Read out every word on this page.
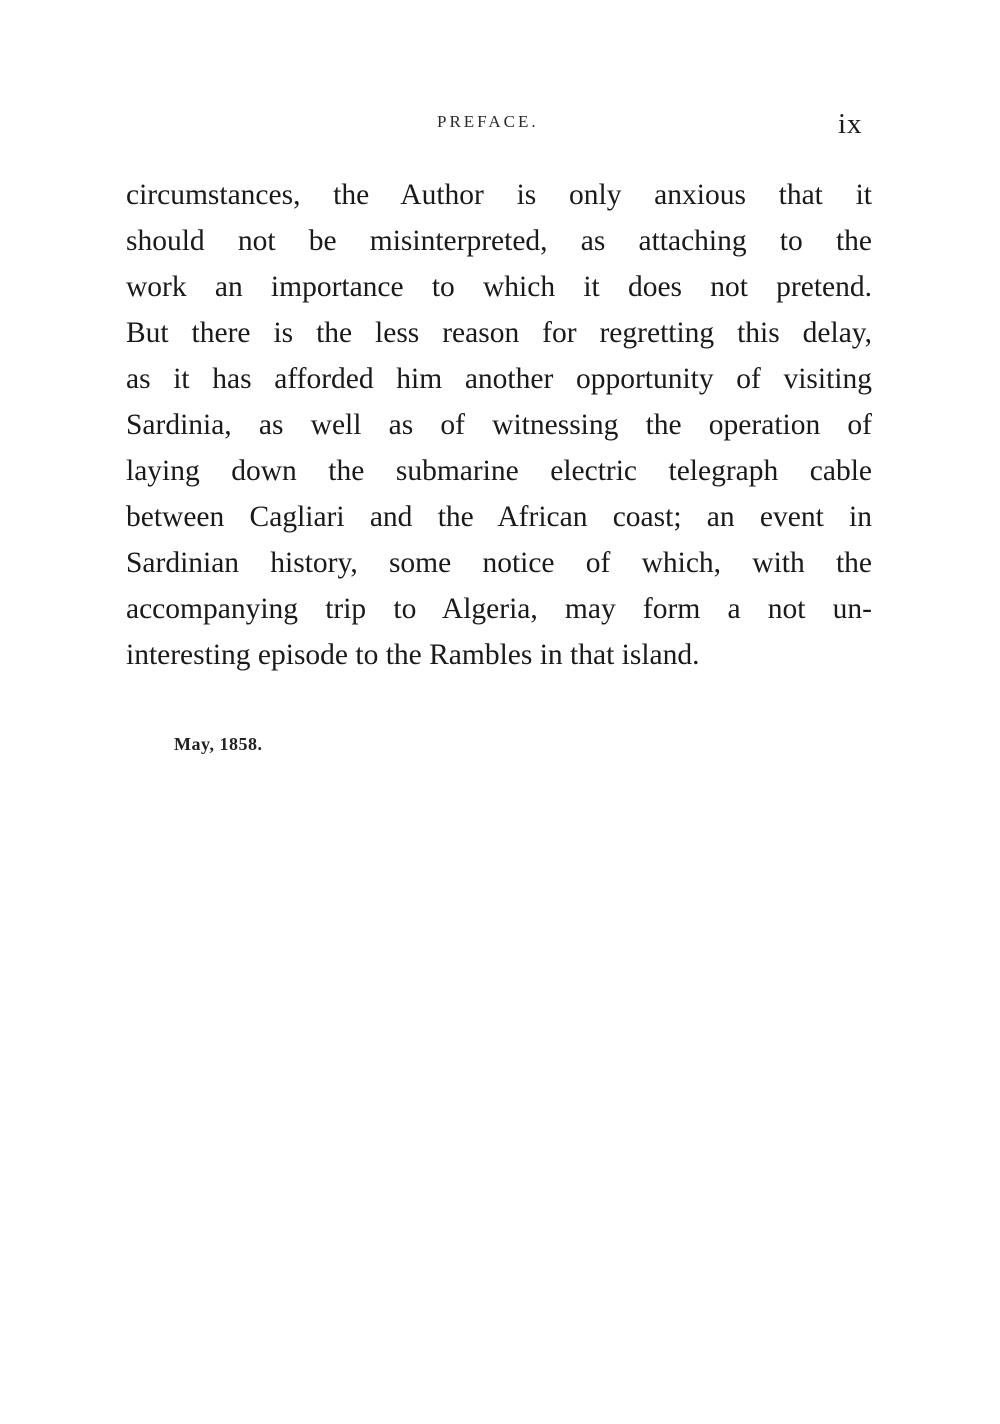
PREFACE.	ix
circumstances, the Author is only anxious that it
should not be misinterpreted, as attaching to the
work an importance to which it does not pretend.
But there is the less reason for regretting this delay,
as it has afforded him another opportunity of visiting
Sardinia, as well as of witnessing the operation of
laying down the submarine electric telegraph cable
between Cagliari and the African coast; an event in
Sardinian history, some notice of which, with the
accompanying trip to Algeria, may form a not un-
interesting episode to the Rambles in that island.
May, 1858.
